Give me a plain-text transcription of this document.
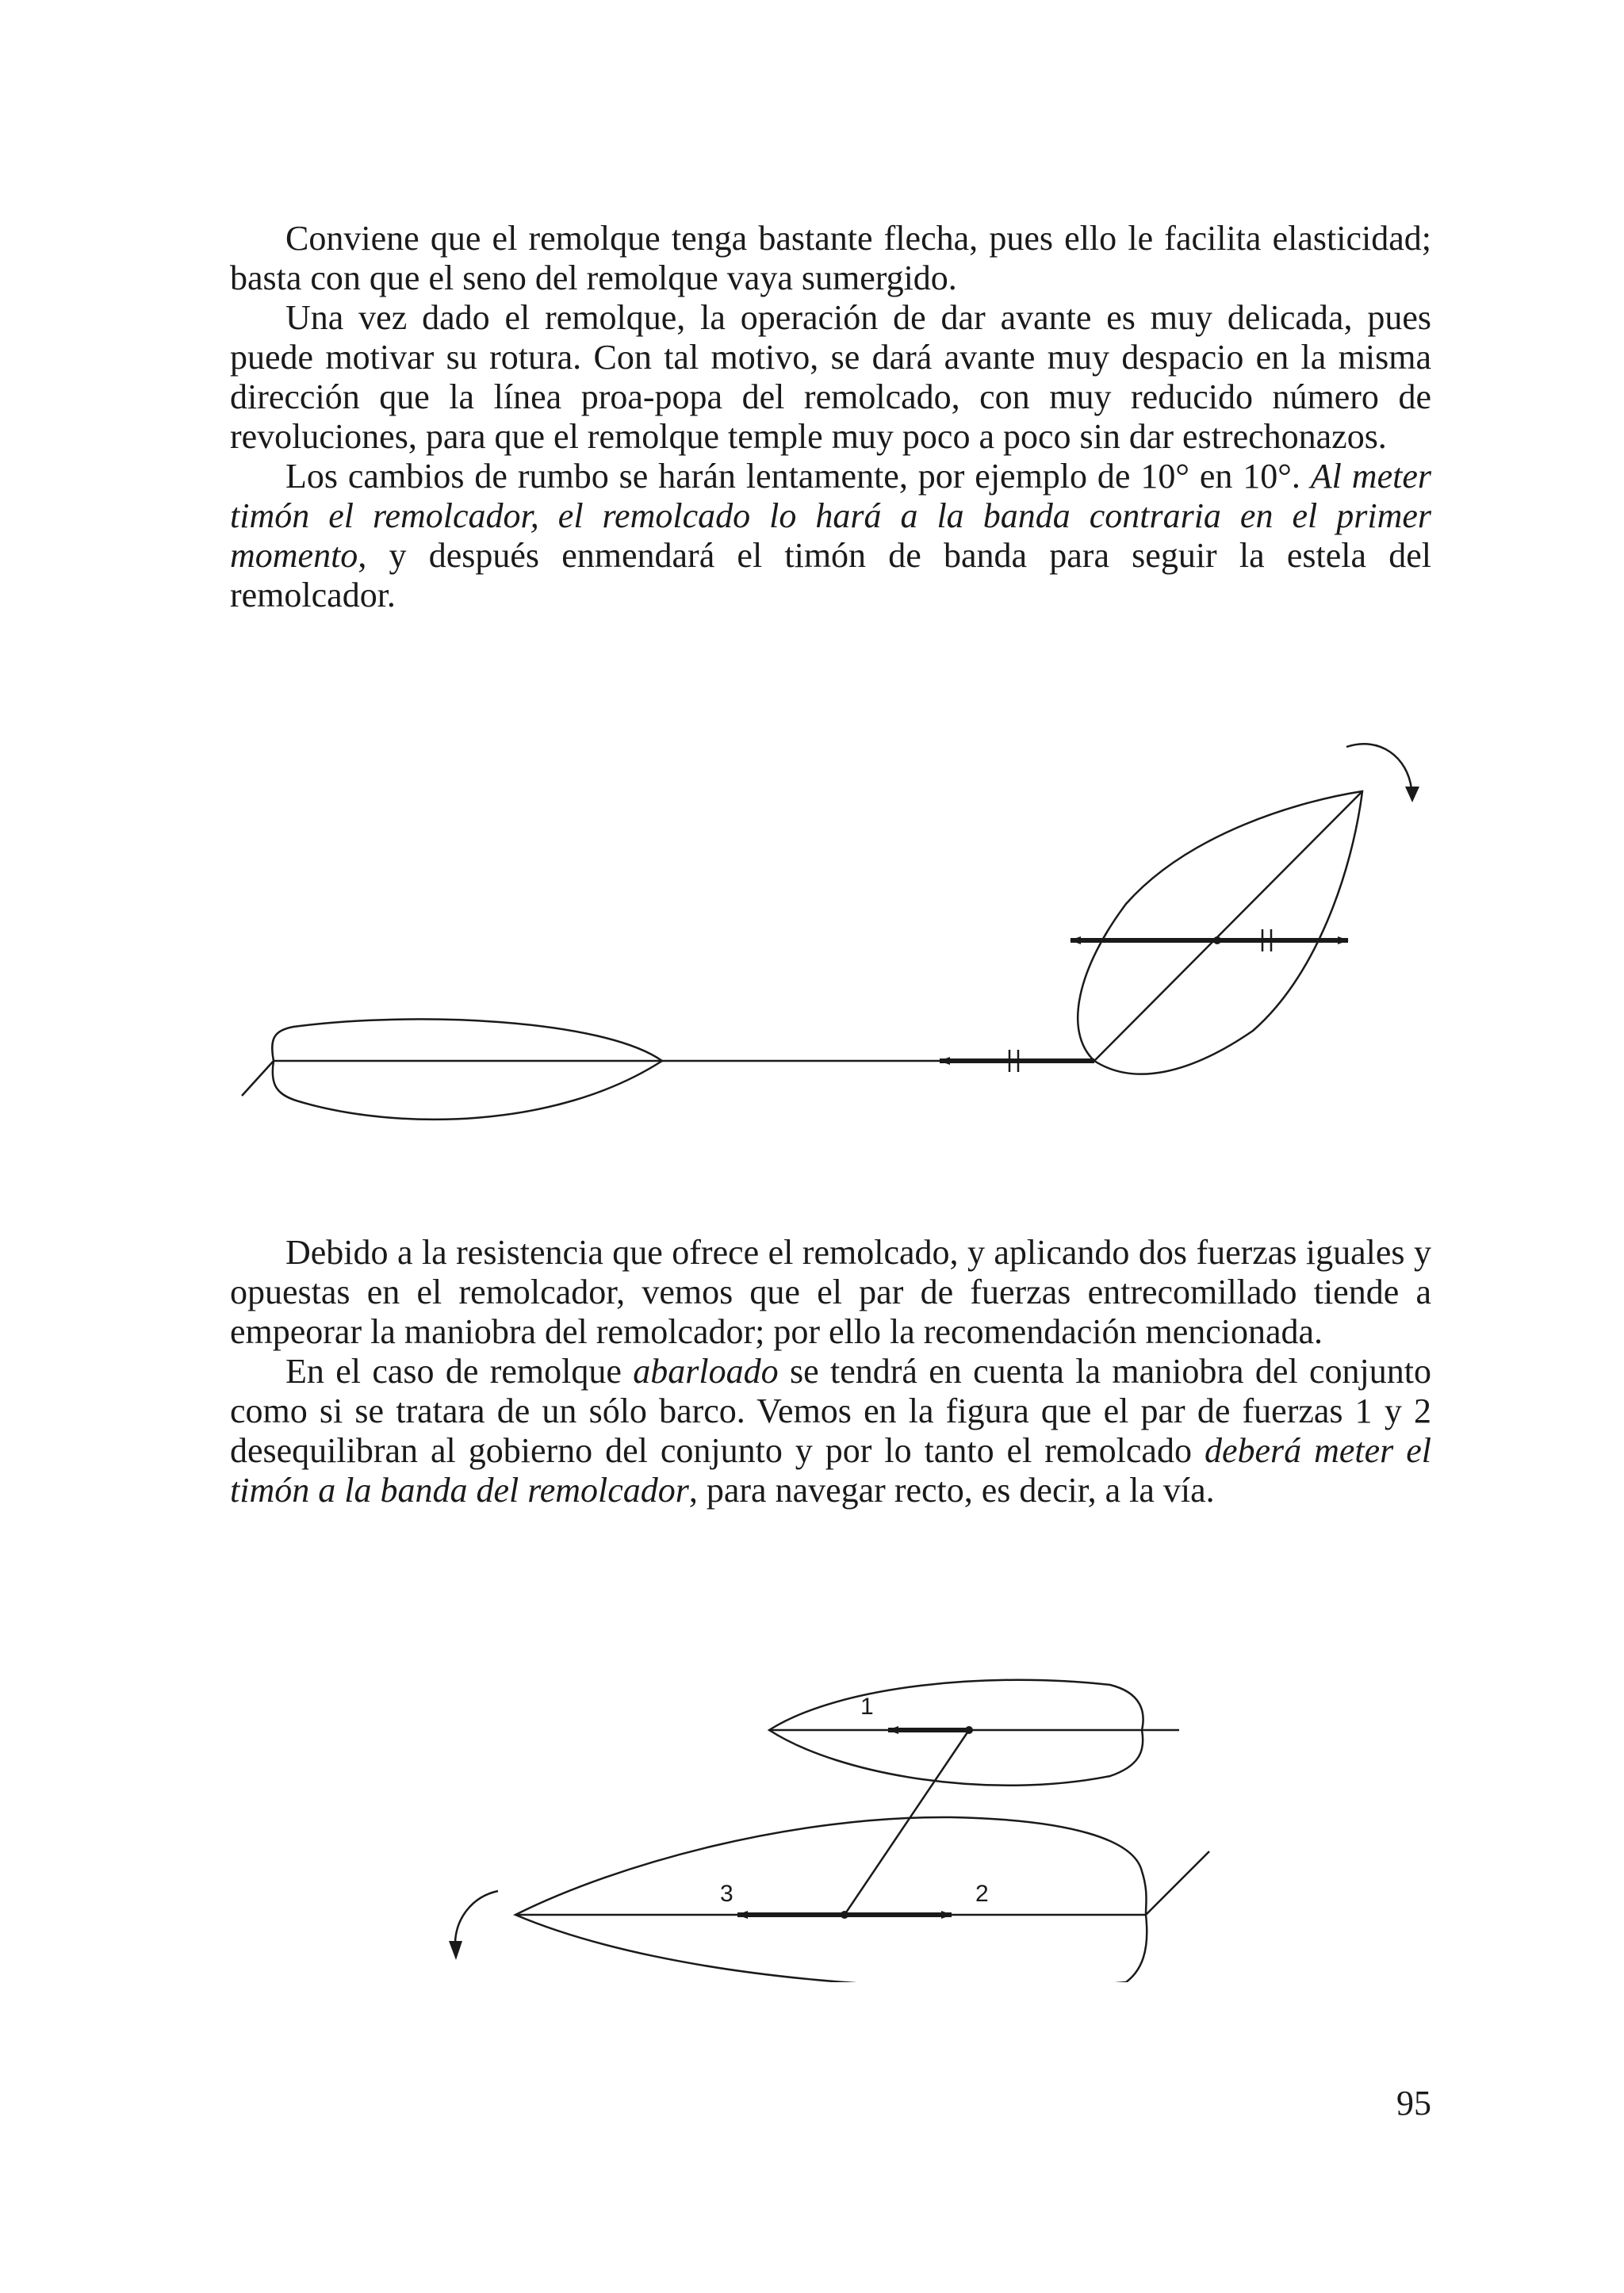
Conviene que el remolque tenga bastante flecha, pues ello le facilita elasticidad; basta con que el seno del remolque vaya sumergido.

Una vez dado el remolque, la operación de dar avante es muy delicada, pues puede motivar su rotura. Con tal motivo, se dará avante muy despacio en la misma dirección que la línea proa-popa del remolcado, con muy reducido número de revoluciones, para que el remolque temple muy poco a poco sin dar estrechonazos.

Los cambios de rumbo se harán lentamente, por ejemplo de 10° en 10°. Al meter timón el remolcador, el remolcado lo hará a la banda contraria en el primer momento, y después enmendará el timón de banda para seguir la estela del remolcador.

Debido a la resistencia que ofrece el remolcado, y aplicando dos fuerzas iguales y opuestas en el remolcador, vemos que el par de fuerzas entrecomillado tiende a empeorar la maniobra del remolcador; por ello la recomendación mencionada.

En el caso de remolque abarloado se tendrá en cuenta la maniobra del conjunto como si se tratara de un sólo barco. Vemos en la figura que el par de fuerzas 1 y 2 desequilibran al gobierno del conjunto y por lo tanto el remolcado deberá meter el timón a la banda del remolcador, para navegar recto, es decir, a la vía.

1
2
3
95
